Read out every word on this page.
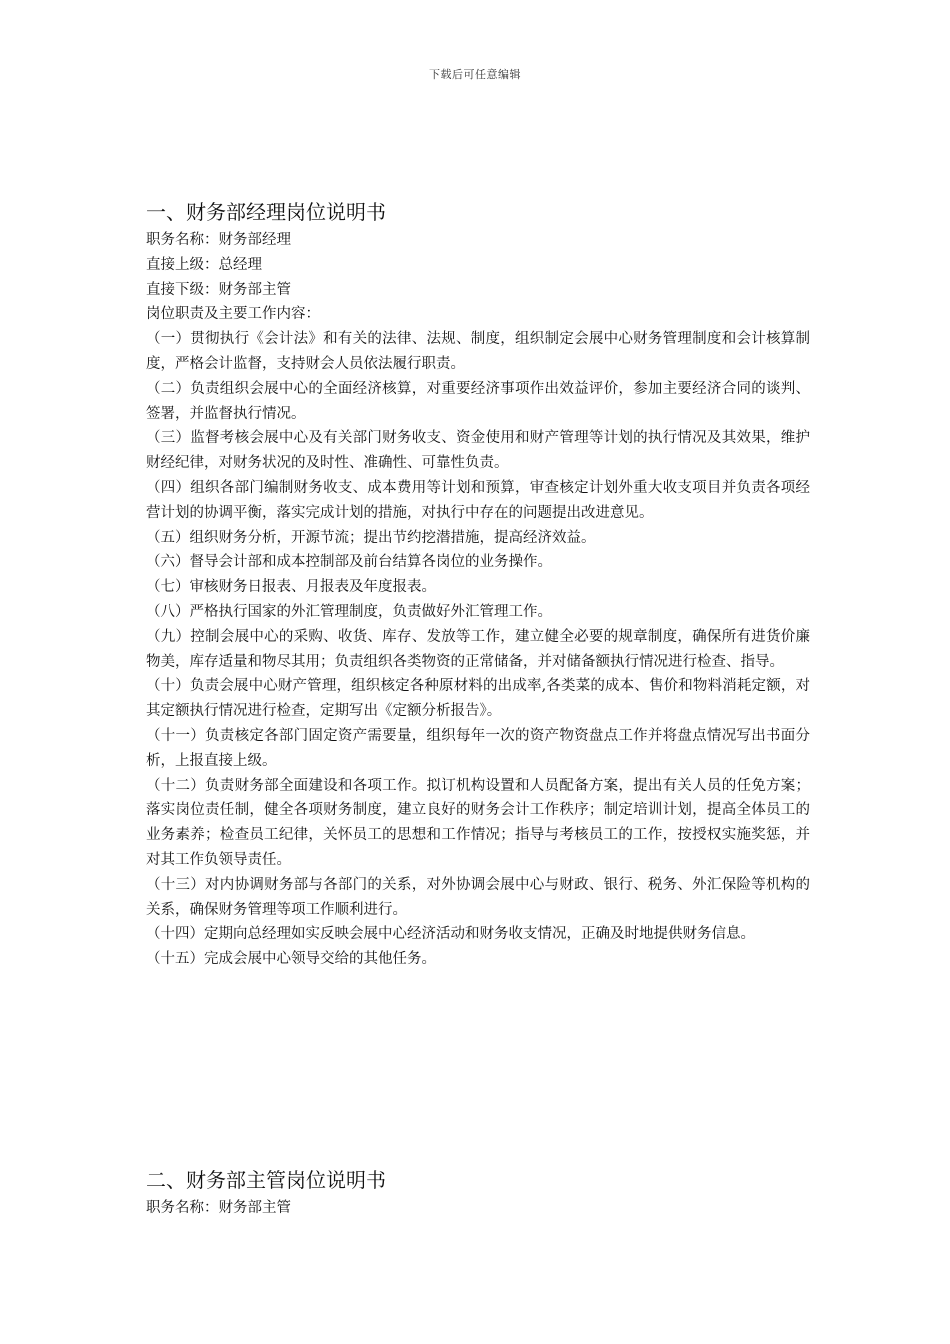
下载后可任意编辑
一、财务部经理岗位说明书

职务名称：财务部经理

直接上级：总经理

直接下级：财务部主管

岗位职责及主要工作内容：

（一）贯彻执行《会计法》和有关的法律、法规、制度，组织制定会展中心财务管理制度和会计核算制度，严格会计监督，支持财会人员依法履行职责。

（二）负责组织会展中心的全面经济核算，对重要经济事项作出效益评价，参加主要经济合同的谈判、签署，并监督执行情况。

（三）监督考核会展中心及有关部门财务收支、资金使用和财产管理等计划的执行情况及其效果，维护财经纪律，对财务状况的及时性、准确性、可靠性负责。

（四）组织各部门编制财务收支、成本费用等计划和预算，审查核定计划外重大收支项目并负责各项经营计划的协调平衡，落实完成计划的措施，对执行中存在的问题提出改进意见。

（五）组织财务分析，开源节流；提出节约挖潜措施，提高经济效益。

（六）督导会计部和成本控制部及前台结算各岗位的业务操作。

（七）审核财务日报表、月报表及年度报表。

（八）严格执行国家的外汇管理制度，负责做好外汇管理工作。

（九）控制会展中心的采购、收货、库存、发放等工作，建立健全必要的规章制度，确保所有进货价廉物美，库存适量和物尽其用；负责组织各类物资的正常储备，并对储备额执行情况进行检查、指导。

（十）负责会展中心财产管理，组织核定各种原材料的出成率,各类菜的成本、售价和物料消耗定额，对其定额执行情况进行检查，定期写出《定额分析报告》。

（十一）负责核定各部门固定资产需要量，组织每年一次的资产物资盘点工作并将盘点情况写出书面分析，上报直接上级。

（十二）负责财务部全面建设和各项工作。拟订机构设置和人员配备方案，提出有关人员的任免方案；落实岗位责任制，健全各项财务制度，建立良好的财务会计工作秩序；制定培训计划，提高全体员工的业务素养；检查员工纪律，关怀员工的思想和工作情况；指导与考核员工的工作，按授权实施奖惩，并对其工作负领导责任。

（十三）对内协调财务部与各部门的关系，对外协调会展中心与财政、银行、税务、外汇保险等机构的关系，确保财务管理等项工作顺利进行。

（十四）定期向总经理如实反映会展中心经济活动和财务收支情况，正确及时地提供财务信息。

（十五）完成会展中心领导交给的其他任务。

二、财务部主管岗位说明书

职务名称：财务部主管
